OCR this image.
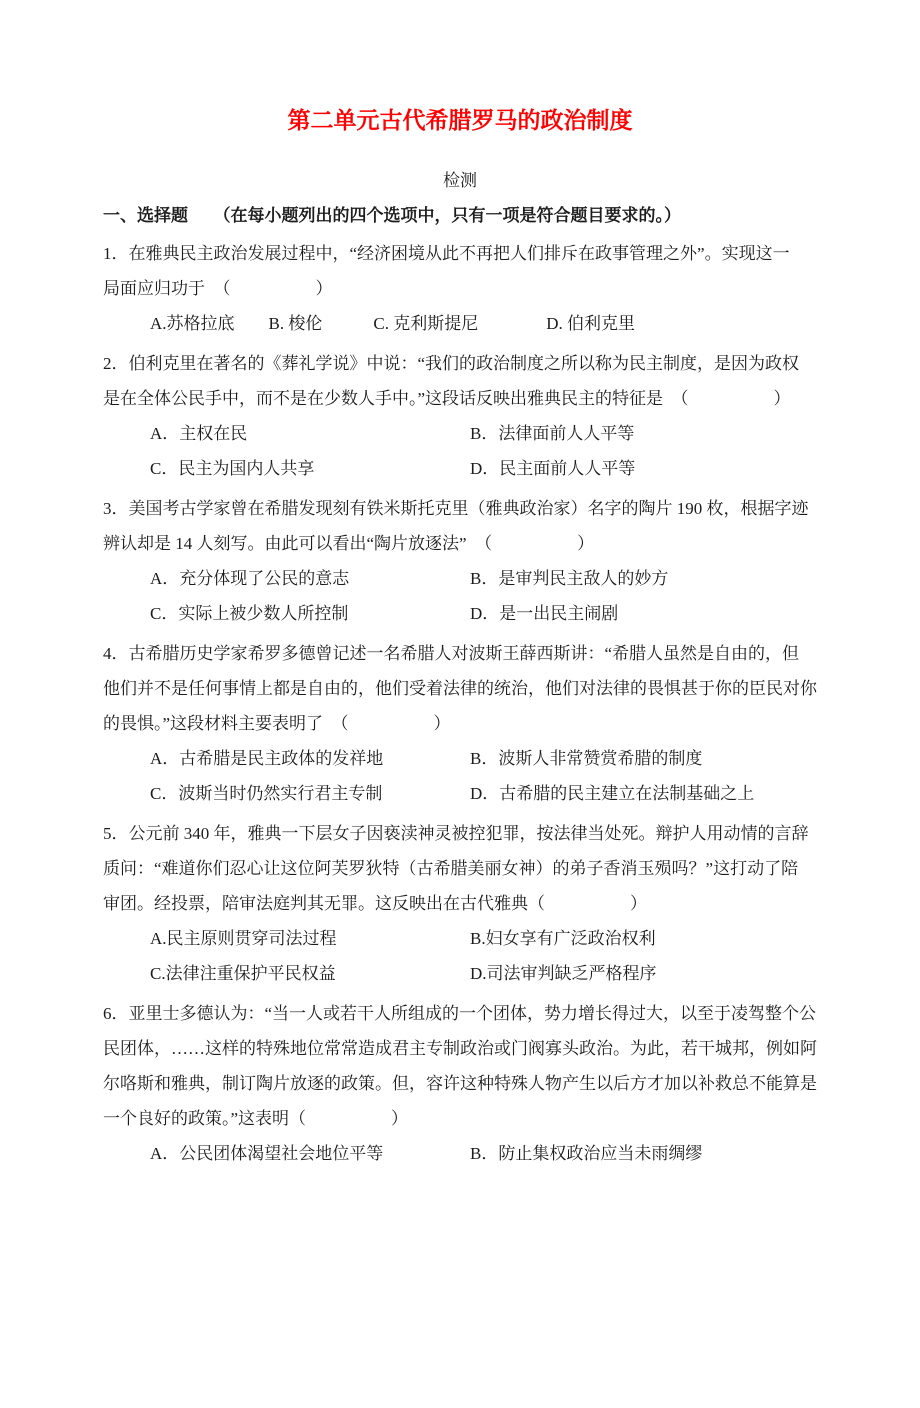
第二单元古代希腊罗马的政治制度
检测
一、选择题　　（在每小题列出的四个选项中，只有一项是符合题目要求的。）
1．在雅典民主政治发展过程中，“经济困境从此不再把人们排斥在政事管理之外”。实现这一
局面应归功于　（　　　　　）
A.苏格拉底　　B. 梭伦　　　C. 克利斯提尼　　　　D. 伯利克里
2．伯利克里在著名的《葬礼学说》中说：“我们的政治制度之所以称为民主制度，是因为政权
是在全体公民手中，而不是在少数人手中。”这段话反映出雅典民主的特征是　（　　　　　）
A．主权在民	B．法律面前人人平等
C．民主为国内人共享	D．民主面前人人平等
3．美国考古学家曾在希腊发现刻有铁米斯托克里（雅典政治家）名字的陶片 190 枚，根据字迹
辨认却是 14 人刻写。由此可以看出“陶片放逐法”　（　　　　　）
A．充分体现了公民的意志	B．是审判民主敌人的妙方
C．实际上被少数人所控制	D．是一出民主闹剧
4．古希腊历史学家希罗多德曾记述一名希腊人对波斯王薛西斯讲：“希腊人虽然是自由的，但
他们并不是任何事情上都是自由的，他们受着法律的统治，他们对法律的畏惧甚于你的臣民对你
的畏惧。”这段材料主要表明了　（　　　　　）
A．古希腊是民主政体的发祥地	B．波斯人非常赞赏希腊的制度
C．波斯当时仍然实行君主专制	D．古希腊的民主建立在法制基础之上
5．公元前 340 年，雅典一下层女子因亵渎神灵被控犯罪，按法律当处死。辩护人用动情的言辞
质问：“难道你们忍心让这位阿芙罗狄特（古希腊美丽女神）的弟子香消玉殒吗？”这打动了陪
审团。经投票，陪审法庭判其无罪。这反映出在古代雅典（　　　　　）
A.民主原则贯穿司法过程	B.妇女享有广泛政治权利
C.法律注重保护平民权益	D.司法审判缺乏严格程序
6．亚里士多德认为：“当一人或若干人所组成的一个团体，势力增长得过大，以至于凌驾整个公
民团体，……这样的特殊地位常常造成君主专制政治或门阀寡头政治。为此，若干城邦，例如阿
尔咯斯和雅典，制订陶片放逐的政策。但，容许这种特殊人物产生以后方才加以补救总不能算是
一个良好的政策。”这表明（　　　　　）
A．公民团体渴望社会地位平等	B．防止集权政治应当未雨绸缪
